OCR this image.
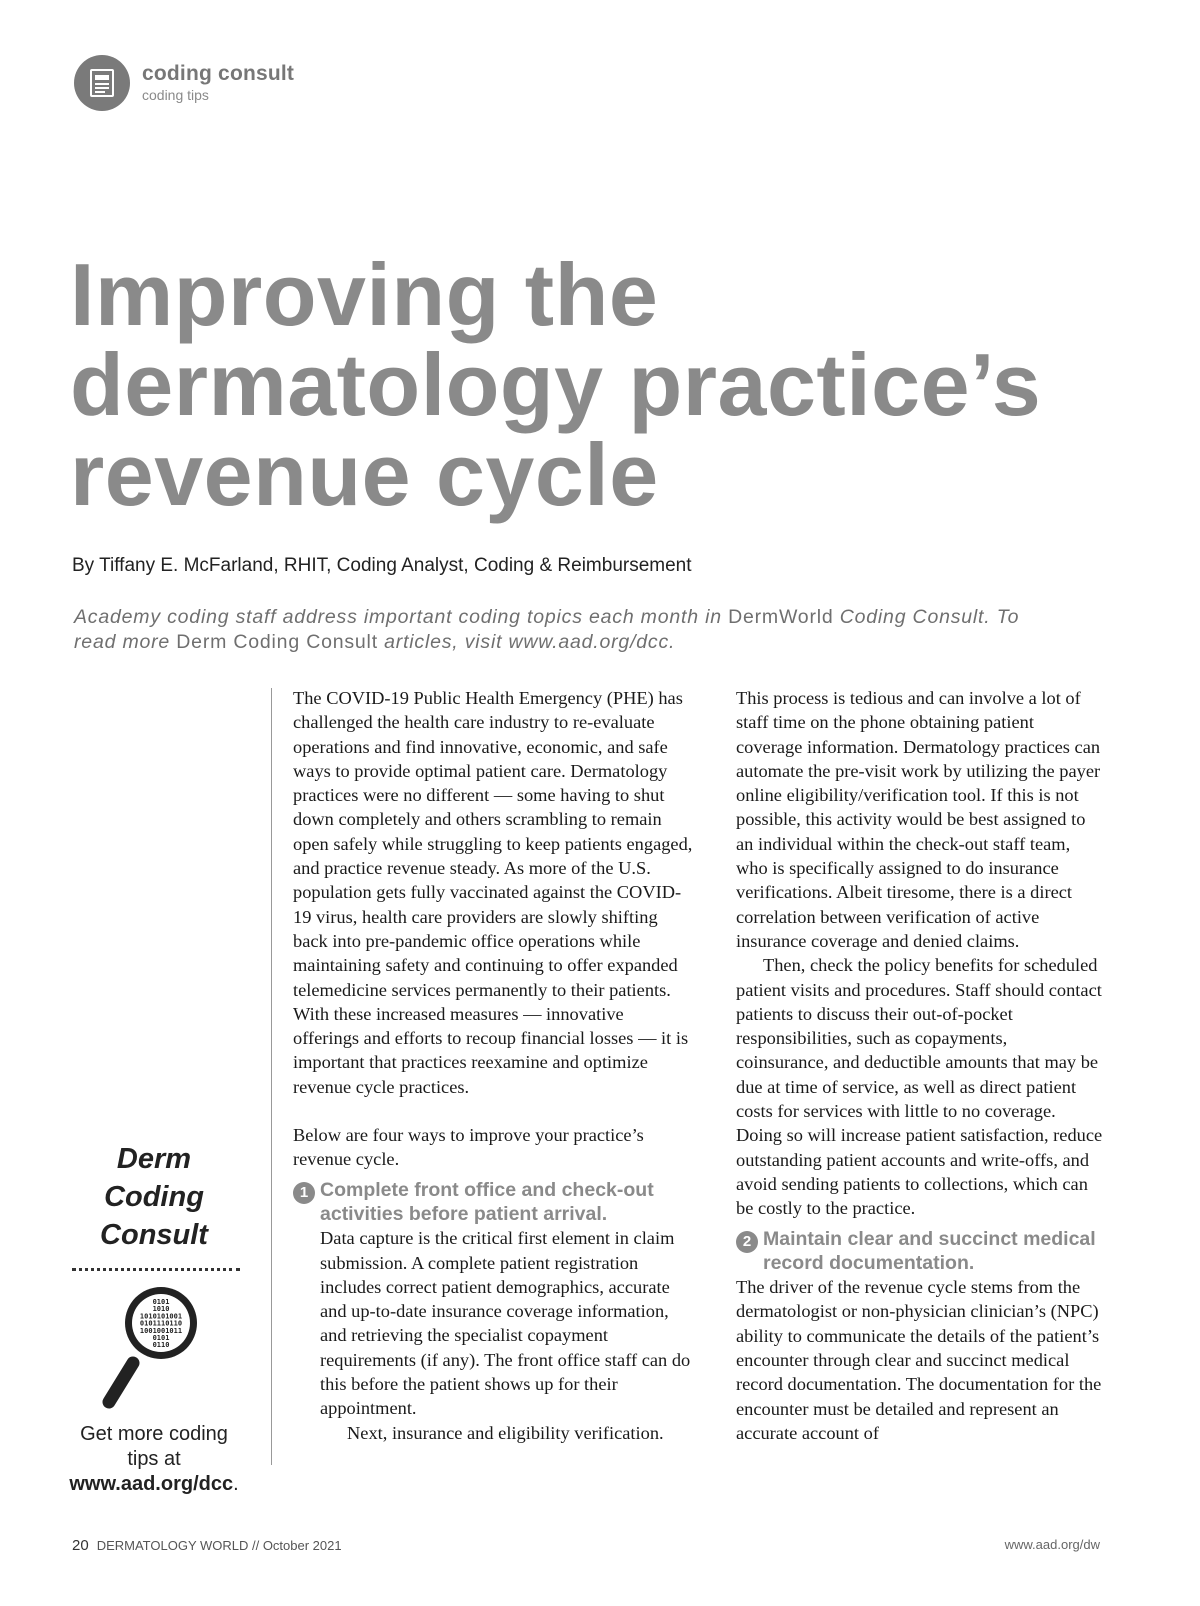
coding consult
coding tips
Improving the dermatology practice’s revenue cycle
By Tiffany E. McFarland, RHIT, Coding Analyst, Coding & Reimbursement
Academy coding staff address important coding topics each month in DermWorld Coding Consult. To read more Derm Coding Consult articles, visit www.aad.org/dcc.
Derm Coding Consult
0101
1010
1010101001
0101110110
1001001011
0101
0110
Get more coding tips at www.aad.org/dcc.

The COVID-19 Public Health Emergency (PHE) has challenged the health care industry to re-evaluate operations and find innovative, economic, and safe ways to provide optimal patient care. Dermatology practices were no different — some having to shut down completely and others scrambling to remain open safely while struggling to keep patients engaged, and practice revenue steady. As more of the U.S. population gets fully vaccinated against the COVID-19 virus, health care providers are slowly shifting back into pre-pandemic office operations while maintaining safety and continuing to offer expanded telemedicine services permanently to their patients. With these increased measures — innovative offerings and efforts to recoup financial losses — it is important that practices reexamine and optimize revenue cycle practices.

Below are four ways to improve your practice’s revenue cycle.

1 Complete front office and check-out activities before patient arrival.

Data capture is the critical first element in claim submission. A complete patient registration includes correct patient demographics, accurate and up-to-date insurance coverage information, and retrieving the specialist copayment requirements (if any). The front office staff can do this before the patient shows up for their appointment.

Next, insurance and eligibility verification.

This process is tedious and can involve a lot of staff time on the phone obtaining patient coverage information. Dermatology practices can automate the pre-visit work by utilizing the payer online eligibility/verification tool. If this is not possible, this activity would be best assigned to an individual within the check-out staff team, who is specifically assigned to do insurance verifications. Albeit tiresome, there is a direct correlation between verification of active insurance coverage and denied claims.

Then, check the policy benefits for scheduled patient visits and procedures. Staff should contact patients to discuss their out-of-pocket responsibilities, such as copayments, coinsurance, and deductible amounts that may be due at time of service, as well as direct patient costs for services with little to no coverage. Doing so will increase patient satisfaction, reduce outstanding patient accounts and write-offs, and avoid sending patients to collections, which can be costly to the practice.

2 Maintain clear and succinct medical record documentation.

The driver of the revenue cycle stems from the dermatologist or non-physician clinician’s (NPC) ability to communicate the details of the patient’s encounter through clear and succinct medical record documentation. The documentation for the encounter must be detailed and represent an accurate account of

20 DERMATOLOGY WORLD // October 2021	www.aad.org/dw
